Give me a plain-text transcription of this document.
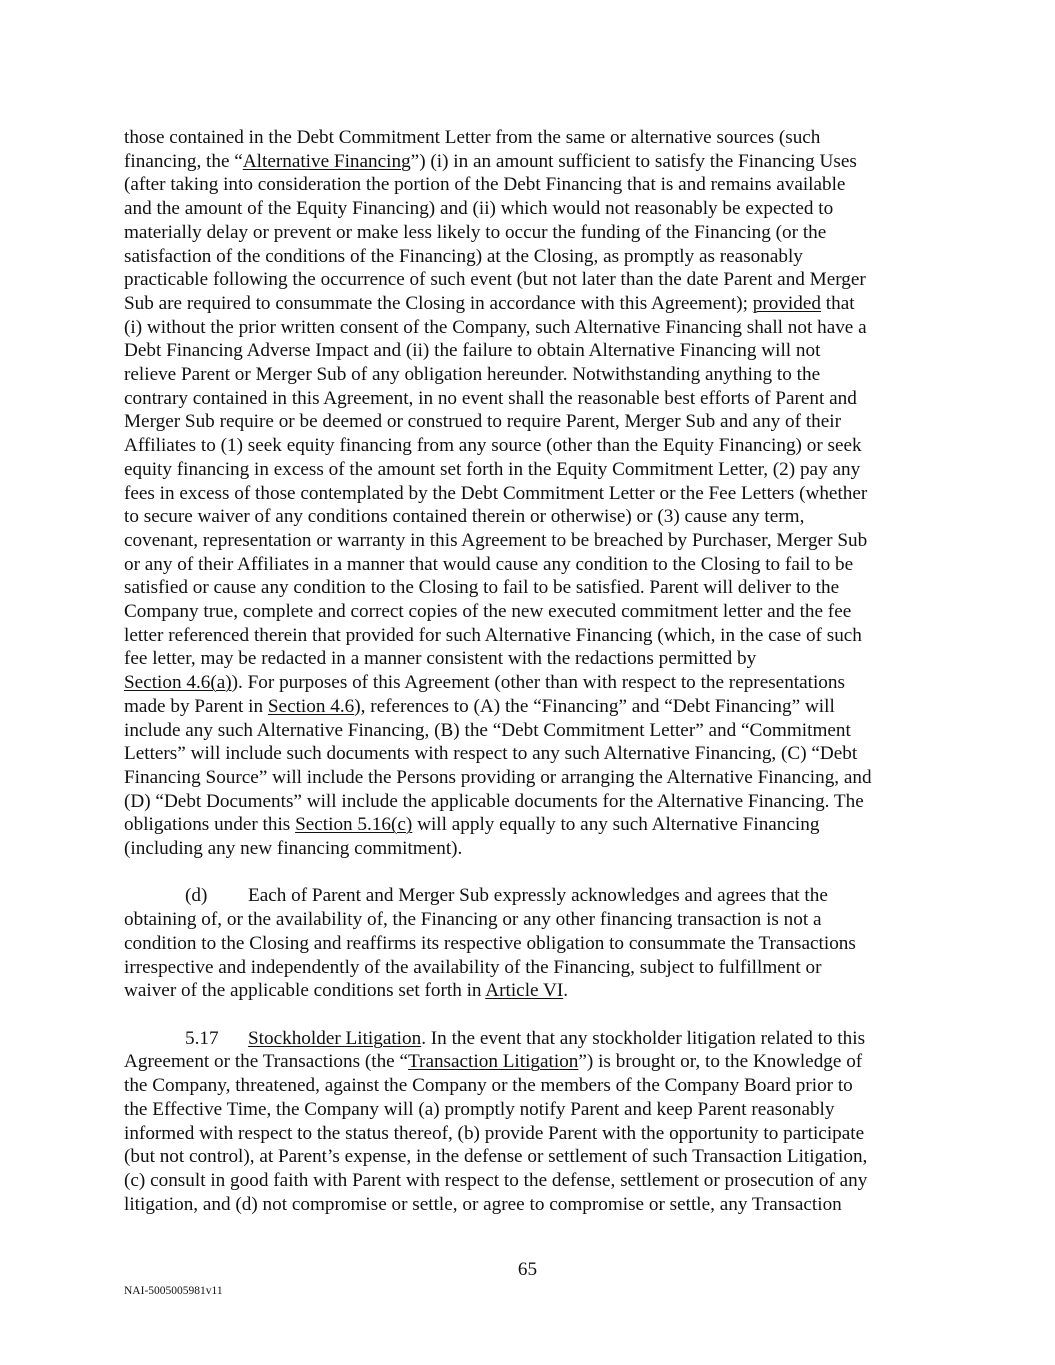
those contained in the Debt Commitment Letter from the same or alternative sources (such
financing, the “Alternative Financing”) (i) in an amount sufficient to satisfy the Financing Uses
(after taking into consideration the portion of the Debt Financing that is and remains available
and the amount of the Equity Financing) and (ii) which would not reasonably be expected to
materially delay or prevent or make less likely to occur the funding of the Financing (or the
satisfaction of the conditions of the Financing) at the Closing, as promptly as reasonably
practicable following the occurrence of such event (but not later than the date Parent and Merger
Sub are required to consummate the Closing in accordance with this Agreement); provided that
(i) without the prior written consent of the Company, such Alternative Financing shall not have a
Debt Financing Adverse Impact and (ii) the failure to obtain Alternative Financing will not
relieve Parent or Merger Sub of any obligation hereunder. Notwithstanding anything to the
contrary contained in this Agreement, in no event shall the reasonable best efforts of Parent and
Merger Sub require or be deemed or construed to require Parent, Merger Sub and any of their
Affiliates to (1) seek equity financing from any source (other than the Equity Financing) or seek
equity financing in excess of the amount set forth in the Equity Commitment Letter, (2) pay any
fees in excess of those contemplated by the Debt Commitment Letter or the Fee Letters (whether
to secure waiver of any conditions contained therein or otherwise) or (3) cause any term,
covenant, representation or warranty in this Agreement to be breached by Purchaser, Merger Sub
or any of their Affiliates in a manner that would cause any condition to the Closing to fail to be
satisfied or cause any condition to the Closing to fail to be satisfied. Parent will deliver to the
Company true, complete and correct copies of the new executed commitment letter and the fee
letter referenced therein that provided for such Alternative Financing (which, in the case of such
fee letter, may be redacted in a manner consistent with the redactions permitted by
Section 4.6(a)). For purposes of this Agreement (other than with respect to the representations
made by Parent in Section 4.6), references to (A) the “Financing” and “Debt Financing” will
include any such Alternative Financing, (B) the “Debt Commitment Letter” and “Commitment
Letters” will include such documents with respect to any such Alternative Financing, (C) “Debt
Financing Source” will include the Persons providing or arranging the Alternative Financing, and
(D) “Debt Documents” will include the applicable documents for the Alternative Financing. The
obligations under this Section 5.16(c) will apply equally to any such Alternative Financing
(including any new financing commitment).
(d) Each of Parent and Merger Sub expressly acknowledges and agrees that the
obtaining of, or the availability of, the Financing or any other financing transaction is not a
condition to the Closing and reaffirms its respective obligation to consummate the Transactions
irrespective and independently of the availability of the Financing, subject to fulfillment or
waiver of the applicable conditions set forth in Article VI.
5.17 Stockholder Litigation. In the event that any stockholder litigation related to this
Agreement or the Transactions (the “Transaction Litigation”) is brought or, to the Knowledge of
the Company, threatened, against the Company or the members of the Company Board prior to
the Effective Time, the Company will (a) promptly notify Parent and keep Parent reasonably
informed with respect to the status thereof, (b) provide Parent with the opportunity to participate
(but not control), at Parent’s expense, in the defense or settlement of such Transaction Litigation,
(c) consult in good faith with Parent with respect to the defense, settlement or prosecution of any
litigation, and (d) not compromise or settle, or agree to compromise or settle, any Transaction
65
NAI-5005005981v11
